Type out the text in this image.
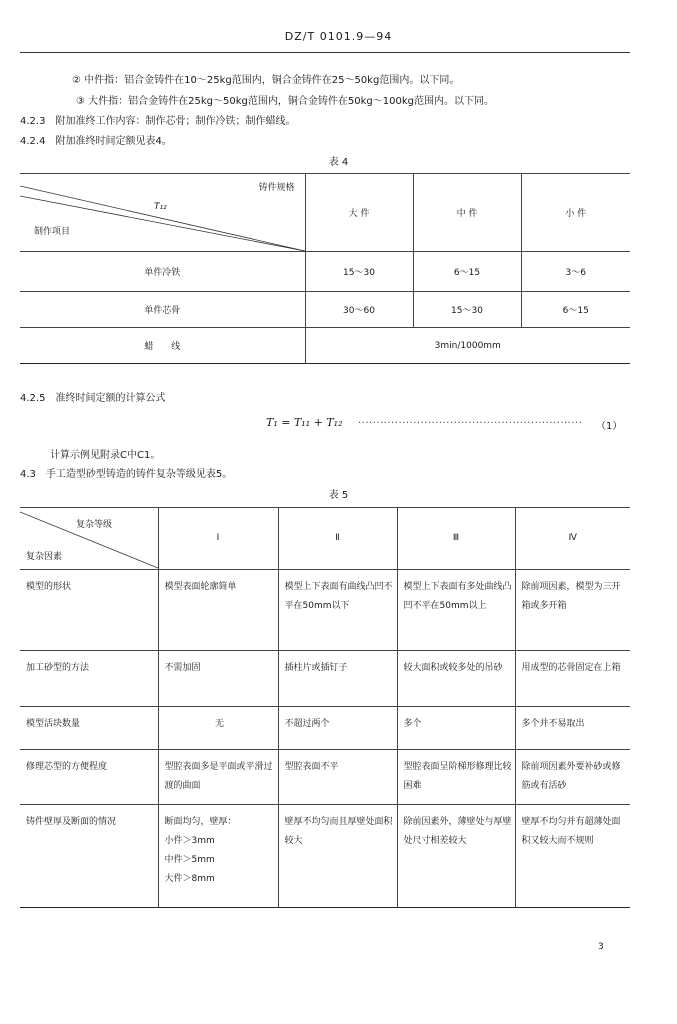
DZ/T 0101.9—94
② 中件指：铝合金铸件在10～25kg范围内，铜合金铸件在25～50kg范围内。以下同。
③ 大件指：铝合金铸件在25kg～50kg范围内，铜合金铸件在50kg～100kg范围内。以下同。
4.2.3　附加准终工作内容：制作芯骨；制作冷铁；制作蜡线。
4.2.4　附加准终时间定额见表4。
表 4
铸件规格
T₁₂
制作项目	大 件	中 件	小 件
单件冷铁	15～30	6～15	3～6
单件芯骨	30～60	15～30	6～15
蜡　　线	3min/1000mm		
4.2.5　准终时间定额的计算公式
T₁ = T₁₁ + T₁₂ ····························································· （1）
计算示例见附录C中C1。
4.3　手工造型砂型铸造的铸件复杂等级见表5。
表 5
复杂等级
复杂因素	Ⅰ	Ⅱ	Ⅲ	Ⅳ
模型的形状	模型表面轮廓简单	模型上下表面有曲线凸凹不平在50mm以下	模型上下表面有多处曲线凸凹不平在50mm以上	除前项因素，模型为三开箱或多开箱
加工砂型的方法	不需加固	插柱片或插钉子	较大面积或较多处的吊砂	用成型的芯骨固定在上箱
模型活块数量	无	不超过两个	多个	多个并不易取出
修理芯型的方便程度	型腔表面多是平面或平滑过渡的曲面	型腔表面不平	型腔表面呈阶梯形修理比较困难	除前项因素外要补砂或修筋或有活砂
铸件壁厚及断面的情况	断面均匀，壁厚：
小件＞3mm
中件＞5mm
大件＞8mm	壁厚不均匀而且厚壁处面积较大	除前因素外，薄壁处与厚壁处尺寸相差较大	壁厚不均匀并有超薄处面积又较大而不规则
3
